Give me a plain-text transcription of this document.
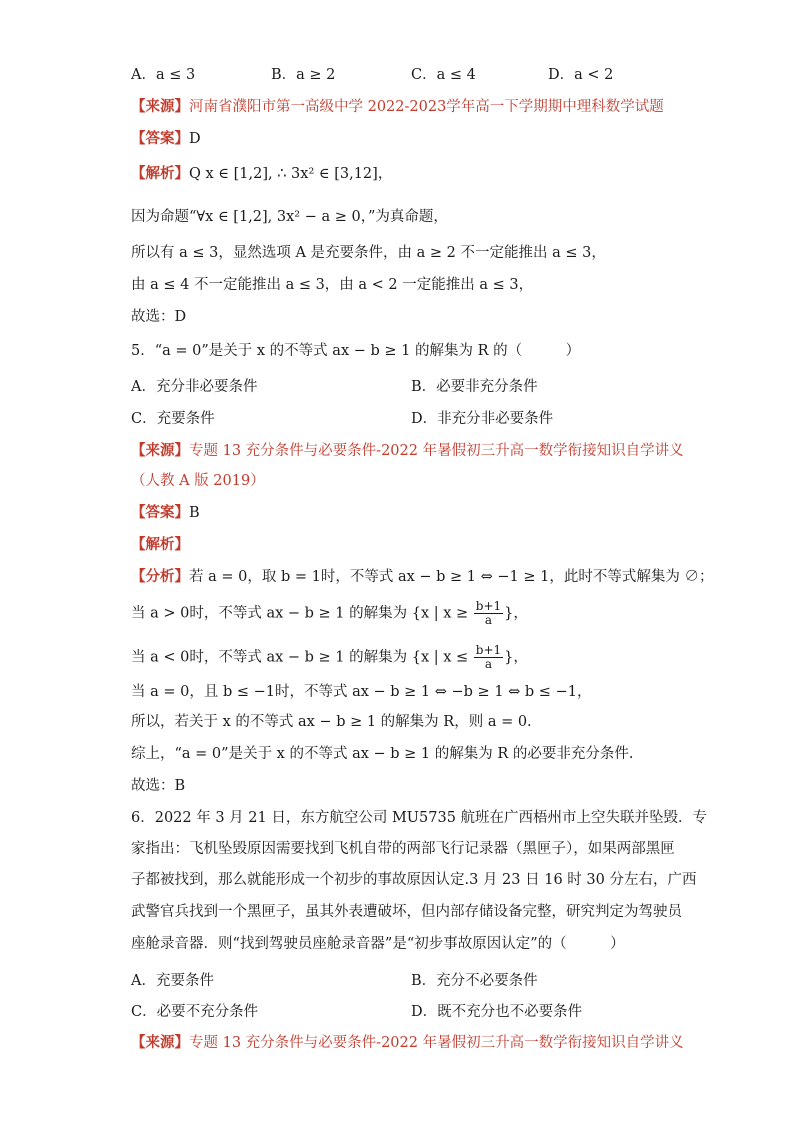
A．a ≤ 3	B．a ≥ 2	C．a ≤ 4	D．a < 2
【来源】河南省濮阳市第一高级中学 2022-2023学年高一下学期期中理科数学试题
【答案】D
【解析】Q x ∈ [1,2], ∴ 3x² ∈ [3,12]，
因为命题“∀x ∈ [1,2], 3x² − a ≥ 0，”为真命题，
所以有 a ≤ 3，显然选项 A 是充要条件，由 a ≥ 2 不一定能推出 a ≤ 3，
由 a ≤ 4 不一定能推出 a ≤ 3，由 a < 2 一定能推出 a ≤ 3，
故选：D
5．“a = 0”是关于 x 的不等式 ax − b ≥ 1 的解集为 R 的（　　　）
A．充分非必要条件	B．必要非充分条件
C．充要条件	D．非充分非必要条件
【来源】专题 13 充分条件与必要条件-2022 年暑假初三升高一数学衔接知识自学讲义
（人教 A 版 2019）
【答案】B
【解析】
【分析】若 a = 0，取 b = 1时，不等式 ax − b ≥ 1 ⇔ −1 ≥ 1，此时不等式解集为 ∅；
当 a > 0时，不等式 ax − b ≥ 1 的解集为 {x | $x \ge \frac{b+1}{a}$ }，
当 a < 0时，不等式 ax − b ≥ 1 的解集为 {x | $x \le \frac{b+1}{a}$ }，
当 a = 0，且 b ≤ −1时，不等式 ax − b ≥ 1 ⇔ −b ≥ 1 ⇔ b ≤ −1，
所以，若关于 x 的不等式 ax − b ≥ 1 的解集为 R，则 a = 0.
综上，“a = 0”是关于 x 的不等式 ax − b ≥ 1 的解集为 R 的必要非充分条件.
故选：B
6．2022 年 3 月 21 日，东方航空公司 MU5735 航班在广西梧州市上空失联并坠毁．专
家指出：飞机坠毁原因需要找到飞机自带的两部飞行记录器（黑匣子），如果两部黑匣
子都被找到，那么就能形成一个初步的事故原因认定.3 月 23 日 16 时 30 分左右，广西
武警官兵找到一个黑匣子，虽其外表遭破坏，但内部存储设备完整，研究判定为驾驶员
座舱录音器．则“找到驾驶员座舱录音器”是“初步事故原因认定”的（　　　）
A．充要条件	B．充分不必要条件
C．必要不充分条件	D．既不充分也不必要条件
【来源】专题 13 充分条件与必要条件-2022 年暑假初三升高一数学衔接知识自学讲义
